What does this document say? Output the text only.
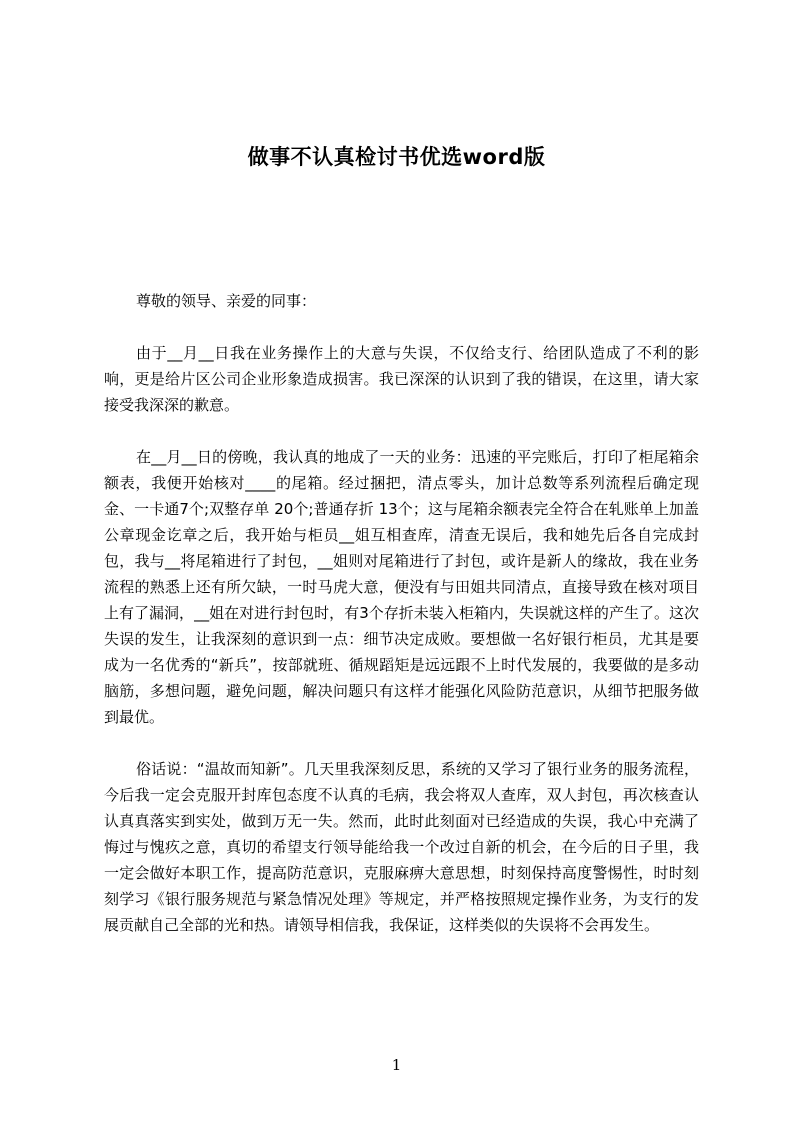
做事不认真检讨书优选word版

尊敬的领导、亲爱的同事：

由于__月__日我在业务操作上的大意与失误，不仅给支行、给团队造成了不利的影响，更是给片区公司企业形象造成损害。我已深深的认识到了我的错误，在这里，请大家接受我深深的歉意。

在__月__日的傍晚，我认真的地成了一天的业务：迅速的平完账后，打印了柜尾箱余额表，我便开始核对____的尾箱。经过捆把，清点零头，加计总数等系列流程后确定现金、一卡通7个;双整存单 20个;普通存折 13个；这与尾箱余额表完全符合在轧账单上加盖公章现金讫章之后，我开始与柜员__姐互相查库，清查无误后，我和她先后各自完成封包，我与__将尾箱进行了封包，__姐则对尾箱进行了封包，或许是新人的缘故，我在业务流程的熟悉上还有所欠缺，一时马虎大意，便没有与田姐共同清点，直接导致在核对项目上有了漏洞，__姐在对进行封包时，有3个存折未装入柜箱内，失误就这样的产生了。这次失误的发生，让我深刻的意识到一点：细节决定成败。要想做一名好银行柜员，尤其是要成为一名优秀的“新兵”，按部就班、循规蹈矩是远远跟不上时代发展的，我要做的是多动脑筋，多想问题，避免问题，解决问题只有这样才能强化风险防范意识，从细节把服务做到最优。

俗话说：“温故而知新”。几天里我深刻反思，系统的又学习了银行业务的服务流程，今后我一定会克服开封库包态度不认真的毛病，我会将双人查库，双人封包，再次核查认认真真落实到实处，做到万无一失。然而，此时此刻面对已经造成的失误，我心中充满了悔过与愧疚之意，真切的希望支行领导能给我一个改过自新的机会，在今后的日子里，我一定会做好本职工作，提高防范意识，克服麻痹大意思想，时刻保持高度警惕性，时时刻刻学习《银行服务规范与紧急情况处理》等规定，并严格按照规定操作业务，为支行的发展贡献自己全部的光和热。请领导相信我，我保证，这样类似的失误将不会再发生。

1
